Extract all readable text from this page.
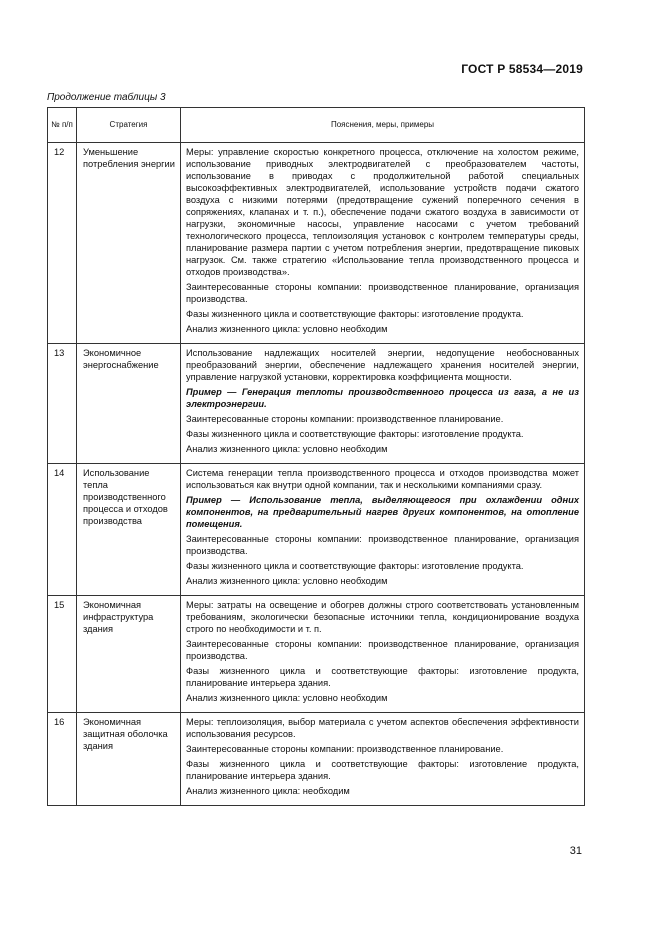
ГОСТ Р 58534—2019
Продолжение таблицы 3
№ п/п	Стратегия	Пояснения, меры, примеры
12	Уменьшение потребления энергии	Меры: управление скоростью конкретного процесса, отключение на холостом режиме, использование приводных электродвигателей с преобразователем частоты, использование в приводах с продолжительной работой специальных высокоэффективных электродвигателей, использование устройств подачи сжатого воздуха с низкими потерями (предотвращение сужений поперечного сечения в сопряжениях, клапанах и т. п.), обеспечение подачи сжатого воздуха в зависимости от нагрузки, экономичные насосы, управление насосами с учетом требований технологического процесса, теплоизоляция установок с контролем температуры среды, планирование размера партии с учетом потребления энергии, предотвращение пиковых нагрузок. См. также стратегию «Использование тепла производственного процесса и отходов производства».

Заинтересованные стороны компании: производственное планирование, организация производства.

Фазы жизненного цикла и соответствующие факторы: изготовление продукта.

Анализ жизненного цикла: условно необходим

13	Экономичное энергоснабжение	Использование надлежащих носителей энергии, недопущение необоснованных преобразований энергии, обеспечение надлежащего хранения носителей энергии, управление нагрузкой установки, корректировка коэффициента мощности.

Пример — Генерация теплоты производственного процесса из газа, а не из электроэнергии.

Заинтересованные стороны компании: производственное планирование.

Фазы жизненного цикла и соответствующие факторы: изготовление продукта.

Анализ жизненного цикла: условно необходим

14	Использование тепла производственного процесса и отходов производства	Система генерации тепла производственного процесса и отходов производства может использоваться как внутри одной компании, так и несколькими компаниями сразу.

Пример — Использование тепла, выделяющегося при охлаждении одних компонентов, на предварительный нагрев других компонентов, на отопление помещения.

Заинтересованные стороны компании: производственное планирование, организация производства.

Фазы жизненного цикла и соответствующие факторы: изготовление продукта.

Анализ жизненного цикла: условно необходим

15	Экономичная инфраструктура здания	Меры: затраты на освещение и обогрев должны строго соответствовать установленным требованиям, экологически безопасные источники тепла, кондиционирование воздуха строго по необходимости и т. п.

Заинтересованные стороны компании: производственное планирование, организация производства.

Фазы жизненного цикла и соответствующие факторы: изготовление продукта, планирование интерьера здания.

Анализ жизненного цикла: условно необходим

16	Экономичная защитная оболочка здания	Меры: теплоизоляция, выбор материала с учетом аспектов обеспечения эффективности использования ресурсов.

Заинтересованные стороны компании: производственное планирование.

Фазы жизненного цикла и соответствующие факторы: изготовление продукта, планирование интерьера здания.

Анализ жизненного цикла: необходим

31
